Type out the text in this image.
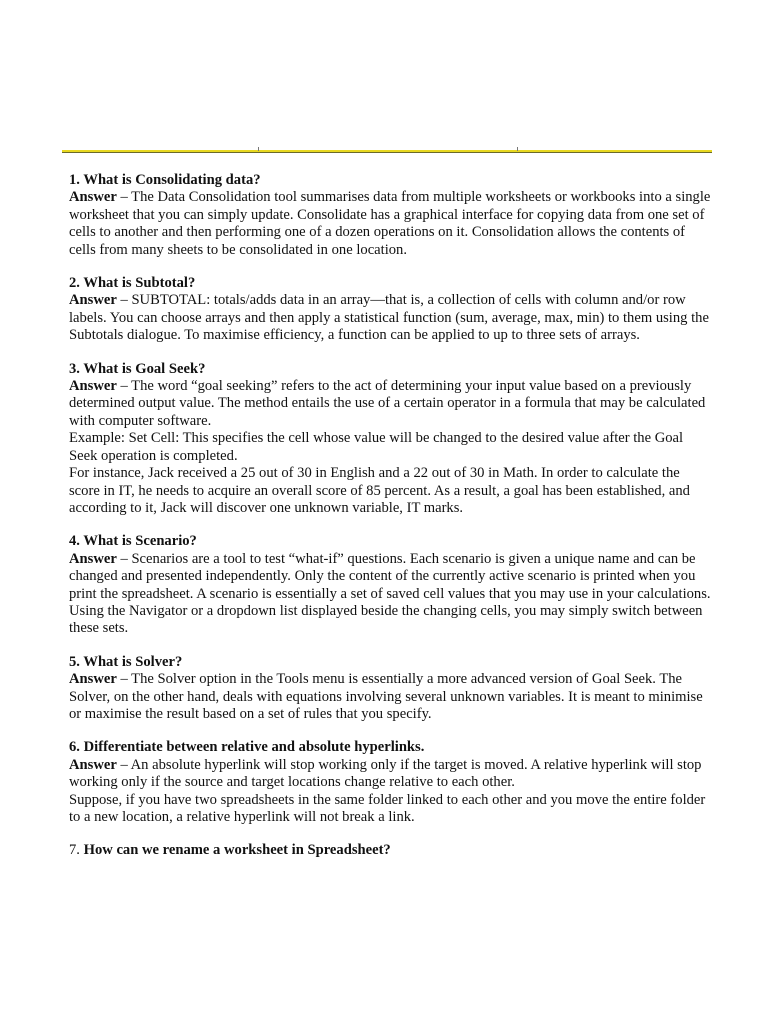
1. What is Consolidating data?

Answer – The Data Consolidation tool summarises data from multiple worksheets or workbooks into a single worksheet that you can simply update. Consolidate has a graphical interface for copying data from one set of cells to another and then performing one of a dozen operations on it. Consolidation allows the contents of cells from many sheets to be consolidated in one location.

2. What is Subtotal?

Answer – SUBTOTAL: totals/adds data in an array—that is, a collection of cells with column and/or row labels. You can choose arrays and then apply a statistical function (sum, average, max, min) to them using the Subtotals dialogue. To maximise efficiency, a function can be applied to up to three sets of arrays.

3. What is Goal Seek?

Answer – The word “goal seeking” refers to the act of determining your input value based on a previously determined output value. The method entails the use of a certain operator in a formula that may be calculated with computer software.

Example: Set Cell: This specifies the cell whose value will be changed to the desired value after the Goal Seek operation is completed.

For instance, Jack received a 25 out of 30 in English and a 22 out of 30 in Math. In order to calculate the score in IT, he needs to acquire an overall score of 85 percent. As a result, a goal has been established, and according to it, Jack will discover one unknown variable, IT marks.

4. What is Scenario?

Answer – Scenarios are a tool to test “what-if” questions. Each scenario is given a unique name and can be changed and presented independently. Only the content of the currently active scenario is printed when you print the spreadsheet. A scenario is essentially a set of saved cell values that you may use in your calculations. Using the Navigator or a dropdown list displayed beside the changing cells, you may simply switch between these sets.

5. What is Solver?

Answer – The Solver option in the Tools menu is essentially a more advanced version of Goal Seek. The Solver, on the other hand, deals with equations involving several unknown variables. It is meant to minimise or maximise the result based on a set of rules that you specify.

6. Differentiate between relative and absolute hyperlinks.

Answer – An absolute hyperlink will stop working only if the target is moved. A relative hyperlink will stop working only if the source and target locations change relative to each other.

Suppose, if you have two spreadsheets in the same folder linked to each other and you move the entire folder to a new location, a relative hyperlink will not break a link.

7. How can we rename a worksheet in Spreadsheet?
